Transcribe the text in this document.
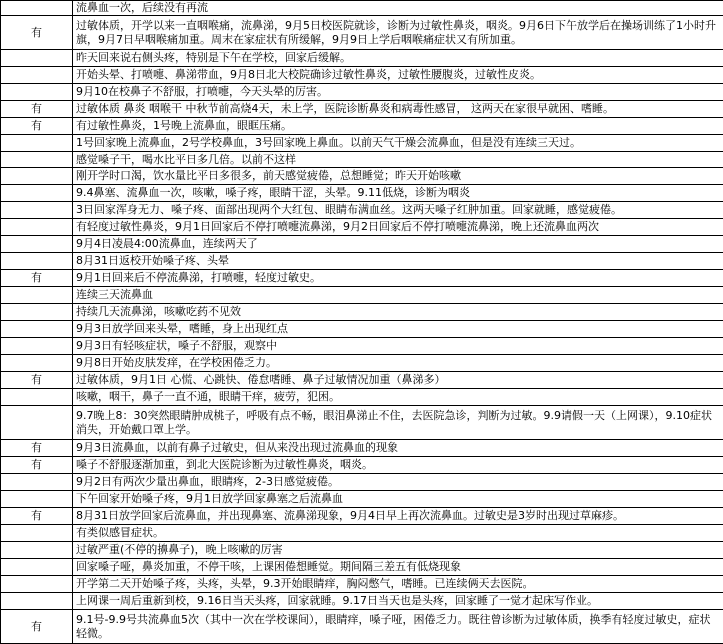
	流鼻血一次，后续没有再流
有	过敏体质，开学以来一直咽喉痛，流鼻涕，9月5日校医院就诊，诊断为过敏性鼻炎，咽炎。9月6日下午放学后在操场训练了1小时升旗，9月7日早咽喉痛加重。周末在家症状有所缓解，9月9日上学后咽喉痛症状又有所加重。
	昨天回来说右侧头疼，特别是下午在学校，回家后缓解。
	开始头晕、打喷嚏、鼻涕带血，9月8日北大校院确诊过敏性鼻炎，过敏性腰腹炎，过敏性皮炎。
	9月10在校鼻子不舒服，打喷嚏，今天头晕的厉害。
有	过敏体质 鼻炎 咽喉干 中秋节前高烧4天，未上学，医院诊断鼻炎和病毒性感冒， 这两天在家很早就困、嗜睡。
有	有过敏性鼻炎，1号晚上流鼻血，眼眶压痛。
	1号回家晚上流鼻血，2号学校鼻血，3号回家晚上鼻血。以前天气干燥会流鼻血，但是没有连续三天过。
	感觉嗓子干，喝水比平日多几倍。以前不这样
	刚开学时口渴，饮水量比平日多很多，前天感觉疲倦，总想睡觉；昨天开始咳嗽
	9.4鼻塞、流鼻血一次，咳嗽，嗓子疼，眼睛干涩，头晕。9.11低烧，诊断为咽炎
	3日回家浑身无力、嗓子疼、面部出现两个大红包、眼睛布满血丝。这两天嗓子红肿加重。回家就睡，感觉疲倦。
	有轻度过敏性鼻炎，9月1日回家后不停打喷嚏流鼻涕，9月2日回家后不停打喷嚏流鼻涕，晚上还流鼻血两次
	9月4日凌晨4:00流鼻血，连续两天了
	8月31日返校开始嗓子疼、头晕
有	9月1日回来后不停流鼻涕，打喷嚏，轻度过敏史。
	连续三天流鼻血
	持续几天流鼻涕，咳嗽吃药不见效
	9月3日放学回来头晕，嗜睡，身上出现红点
	9月3日有轻咳症状，嗓子不舒服，观察中
	9月8日开始皮肤发痒，在学校困倦乏力。
有	过敏体质，9月1日 心慌、心跳快、倦怠嗜睡、鼻子过敏情况加重（鼻涕多）
	咳嗽，咽干，鼻子一直不通，眼睛干痒，疲劳，犯困。
	9.7晚上8：30突然眼睛肿成桃子，呼吸有点不畅，眼泪鼻涕止不住，去医院急诊，判断为过敏。9.9请假一天（上网课），9.10症状消失，开始戴口罩上学。
有	9月3日流鼻血，以前有鼻子过敏史，但从来没出现过流鼻血的现象
有	嗓子不舒服逐渐加重，到北大医院诊断为过敏性鼻炎，咽炎。
	9月2日有两次少量出鼻血，眼睛疼，2-3日感觉疲倦。
	下午回家开始嗓子疼，9月1日放学回家鼻塞之后流鼻血
有	8月31日放学回家后流鼻血，并出现鼻塞、流鼻涕现象，9月4日早上再次流鼻血。过敏史是3岁时出现过草麻疹。
	有类似感冒症状。
	过敏严重(不停的擤鼻子)，晚上咳嗽的厉害
	回家嗓子哑，鼻炎加重，不停干咳，上课困倦想睡觉。期间隔三差五有低烧现象
	开学第二天开始嗓子疼，头疼，头晕，9.3开始眼睛痒，胸闷憋气，嗜睡。已连续俩天去医院。
	上网课一周后重新到校，9.16日当天头疼，回家就睡。9.17日当天也是头疼，回家睡了一觉才起床写作业。
有	9.1号-9.9号共流鼻血5次（其中一次在学校课间），眼睛痒，嗓子哑，困倦乏力。既往曾诊断为过敏体质，换季有轻度过敏史，症状轻微。
